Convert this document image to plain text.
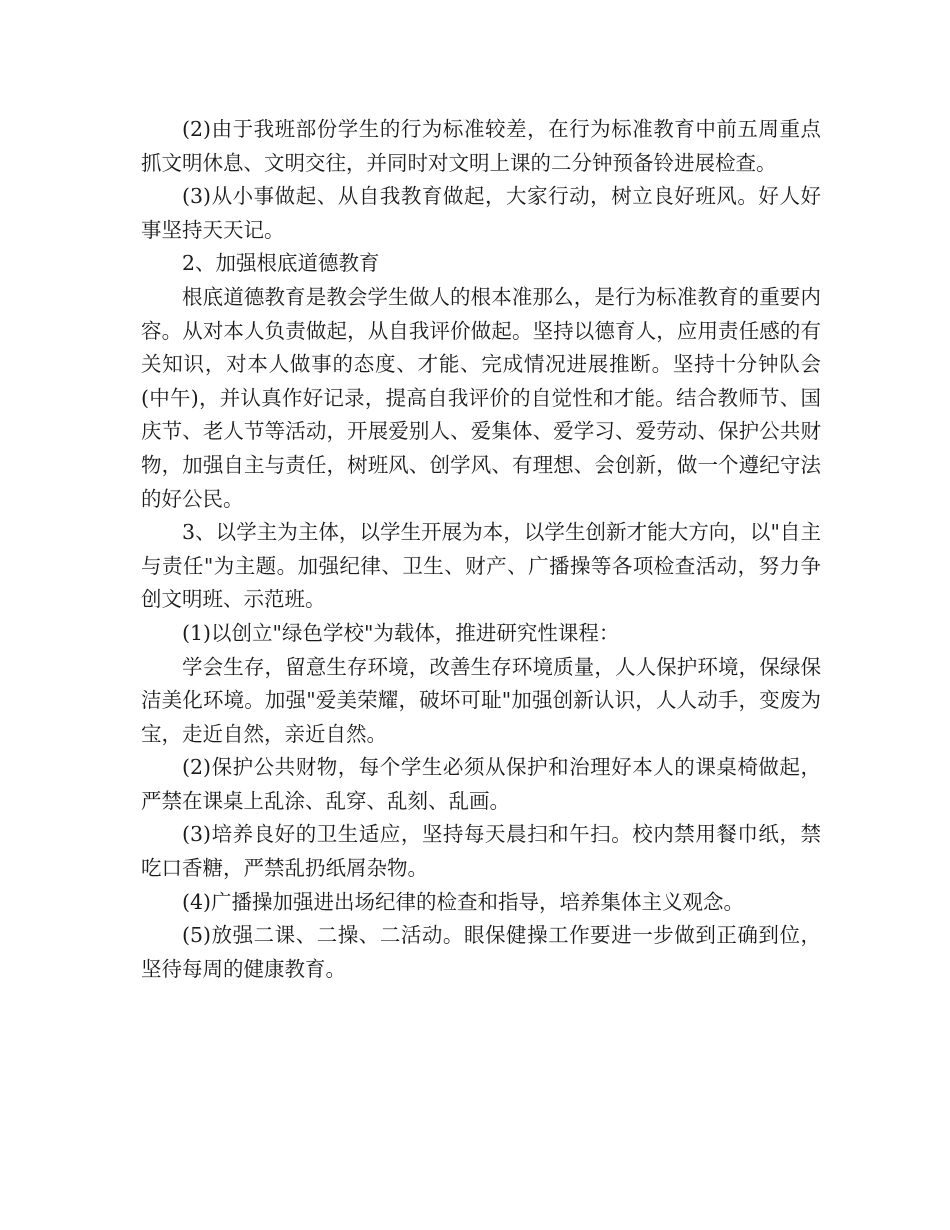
(2)由于我班部份学生的行为标准较差，在行为标准教育中前五周重点抓文明休息、文明交往，并同时对文明上课的二分钟预备铃进展检查。

(3)从小事做起、从自我教育做起，大家行动，树立良好班风。好人好事坚持天天记。

2、加强根底道德教育

根底道德教育是教会学生做人的根本准那么，是行为标准教育的重要内容。从对本人负责做起，从自我评价做起。坚持以德育人，应用责任感的有关知识，对本人做事的态度、才能、完成情况进展推断。坚持十分钟队会(中午)，并认真作好记录，提高自我评价的自觉性和才能。结合教师节、国庆节、老人节等活动，开展爱别人、爱集体、爱学习、爱劳动、保护公共财物，加强自主与责任，树班风、创学风、有理想、会创新，做一个遵纪守法的好公民。

3、以学主为主体，以学生开展为本，以学生创新才能大方向，以"自主与责任"为主题。加强纪律、卫生、财产、广播操等各项检查活动，努力争创文明班、示范班。

(1)以创立"绿色学校"为载体，推进研究性课程：

学会生存，留意生存环境，改善生存环境质量，人人保护环境，保绿保洁美化环境。加强"爱美荣耀，破坏可耻"加强创新认识，人人动手，变废为宝，走近自然，亲近自然。

(2)保护公共财物，每个学生必须从保护和治理好本人的课桌椅做起，严禁在课桌上乱涂、乱穿、乱刻、乱画。

(3)培养良好的卫生适应，坚持每天晨扫和午扫。校内禁用餐巾纸，禁吃口香糖，严禁乱扔纸屑杂物。

(4)广播操加强进出场纪律的检查和指导，培养集体主义观念。

(5)放强二课、二操、二活动。眼保健操工作要进一步做到正确到位，坚待每周的健康教育。
